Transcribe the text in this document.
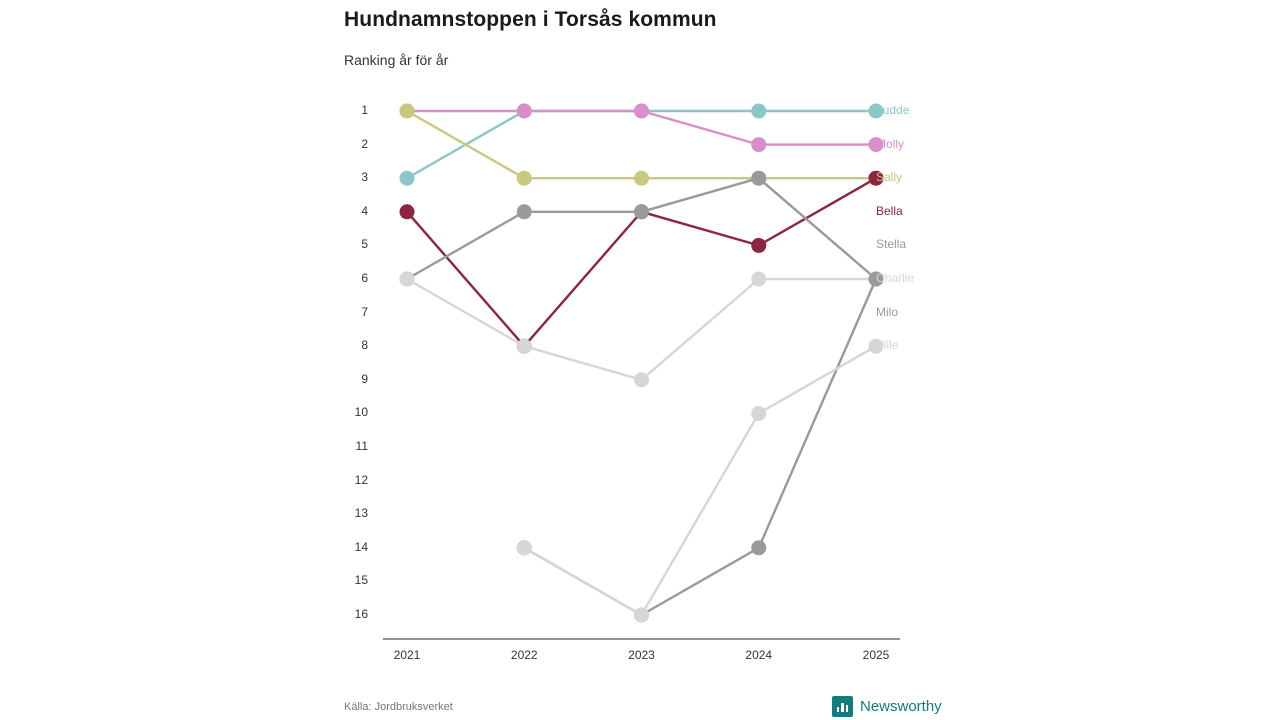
Hundnamnstoppen i Torsås kommun
Ranking år för år
1
2
3
4
5
6
7
8
9
10
11
12
13
14
15
16
2021	2022	2023	2024	2025
Ludde
Molly
Sally
Bella
Stella
Charlie
Milo
Ville
Källa: Jordbruksverket	Newsworthy
